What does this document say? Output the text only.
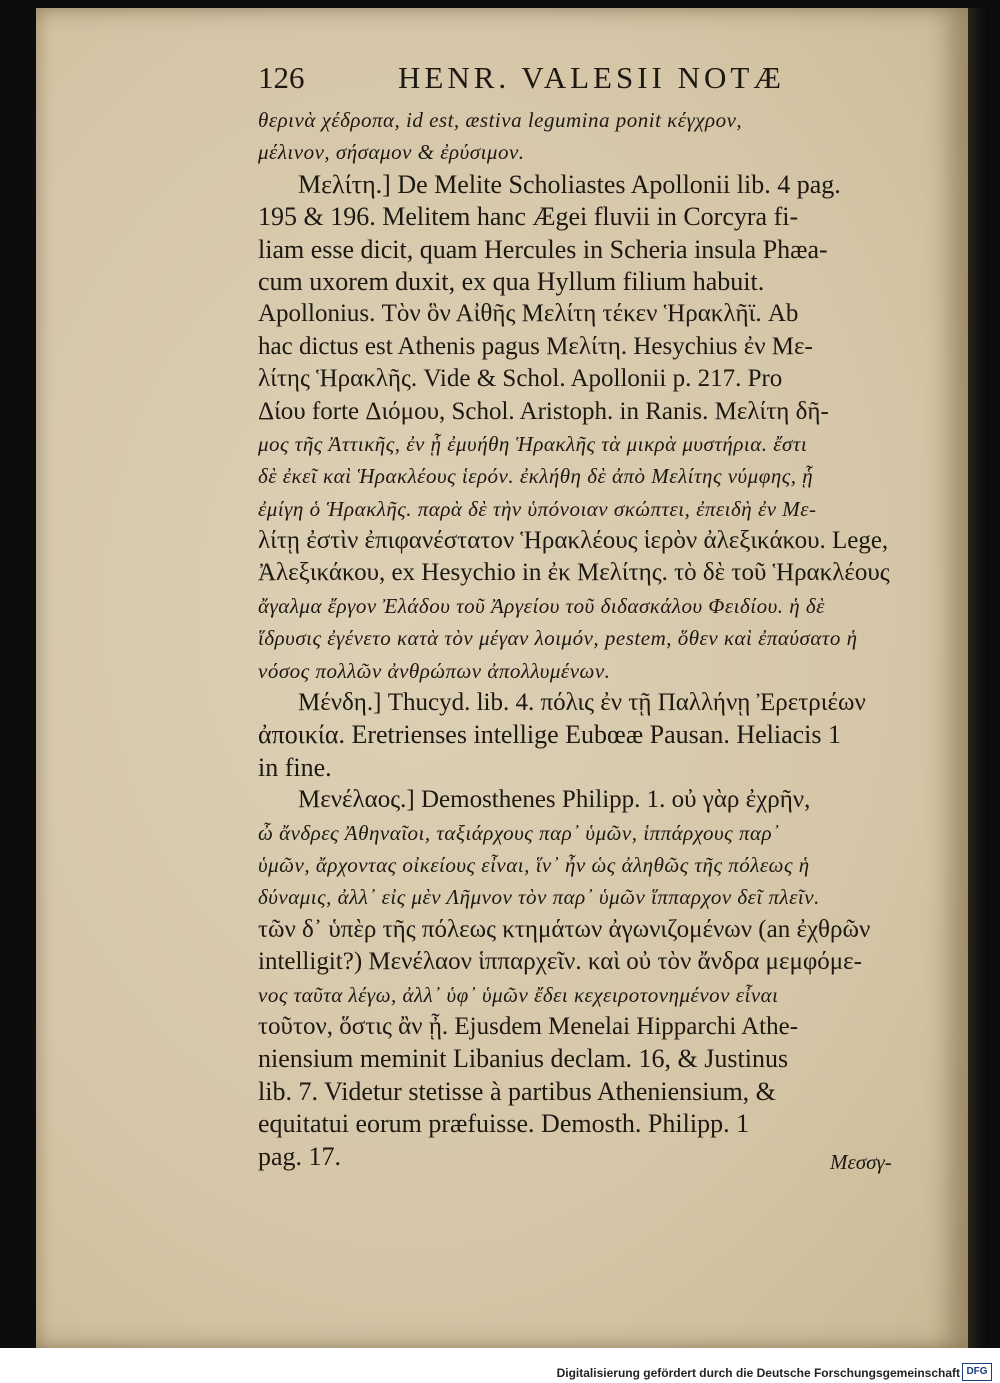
126	HENR. VALESII NOTÆ
θερινὰ χέδροπα, id est, æstiva legumina ponit κέγχρον,
μέλινον, σήσαμον & ἐρύσιμον.
Μελίτη.] De Melite Scholiastes Apollonii lib. 4 pag.
195 & 196. Melitem hanc Ægei fluvii in Corcyra fi-
liam esse dicit, quam Hercules in Scheria insula Phæa-
cum uxorem duxit, ex qua Hyllum filium habuit.
Apollonius. Τὸν ὃν Αἰθῆς Μελίτη τέκεν Ἡρακλῆϊ. Ab
hac dictus est Athenis pagus Μελίτη. Hesychius ἐν Με-
λίτης Ἡρακλῆς. Vide & Schol. Apollonii p. 217. Pro
Δίου forte Διόμου, Schol. Aristoph. in Ranis. Μελίτη δῆ-
μος τῆς Ἀττικῆς, ἐν ᾗ ἐμυήθη Ἡρακλῆς τὰ μικρὰ μυστήρια. ἔστι
δὲ ἐκεῖ καὶ Ἡρακλέους ἱερόν. ἐκλήθη δὲ ἀπὸ Μελίτης νύμφης, ᾗ
ἐμίγη ὁ Ἡρακλῆς. παρὰ δὲ τὴν ὑπόνοιαν σκώπτει, ἐπειδὴ ἐν Με-
λίτῃ ἐστὶν ἐπιφανέστατον Ἡρακλέους ἱερὸν ἀλεξικάκου. Lege,
Ἀλεξικάκου, ex Hesychio in ἐκ Μελίτης. τὸ δὲ τοῦ Ἡρακλέους
ἄγαλμα ἔργον Ἐλάδου τοῦ Ἀργείου τοῦ διδασκάλου Φειδίου. ἡ δὲ
ἵδρυσις ἐγένετο κατὰ τὸν μέγαν λοιμόν, pestem, ὅθεν καὶ ἐπαύσατο ἡ
νόσος πολλῶν ἀνθρώπων ἀπολλυμένων.
Μένδη.] Thucyd. lib. 4. πόλις ἐν τῇ Παλλήνῃ Ἐρετριέων
ἀποικία. Eretrienses intellige Eubœæ Pausan. Heliacis 1
in fine.
Μενέλαος.] Demosthenes Philipp. 1. οὐ γὰρ ἐχρῆν,
ὦ ἄνδρες Ἀθηναῖοι, ταξιάρχους παρ᾽ ὑμῶν, ἱππάρχους παρ᾽
ὑμῶν, ἄρχοντας οἰκείους εἶναι, ἵν᾽ ἦν ὡς ἀληθῶς τῆς πόλεως ἡ
δύναμις, ἀλλ᾽ εἰς μὲν Λῆμνον τὸν παρ᾽ ὑμῶν ἵππαρχον δεῖ πλεῖν.
τῶν δ᾽ ὑπὲρ τῆς πόλεως κτημάτων ἀγωνιζομένων (an ἐχθρῶν
intelligit?) Μενέλαον ἱππαρχεῖν. καὶ οὐ τὸν ἄνδρα μεμφόμε-
νος ταῦτα λέγω, ἀλλ᾽ ὑφ᾽ ὑμῶν ἔδει κεχειροτονημένον εἶναι
τοῦτον, ὅστις ἂν ᾖ. Ejusdem Menelai Hipparchi Athe-
niensium meminit Libanius declam. 16, & Justinus
lib. 7. Videtur stetisse à partibus Atheniensium, &
equitatui eorum præfuisse. Demosth. Philipp. 1
pag. 17.	Μεσσγ-
Digitalisierung gefördert durch die Deutsche Forschungsgemeinschaft DFG
